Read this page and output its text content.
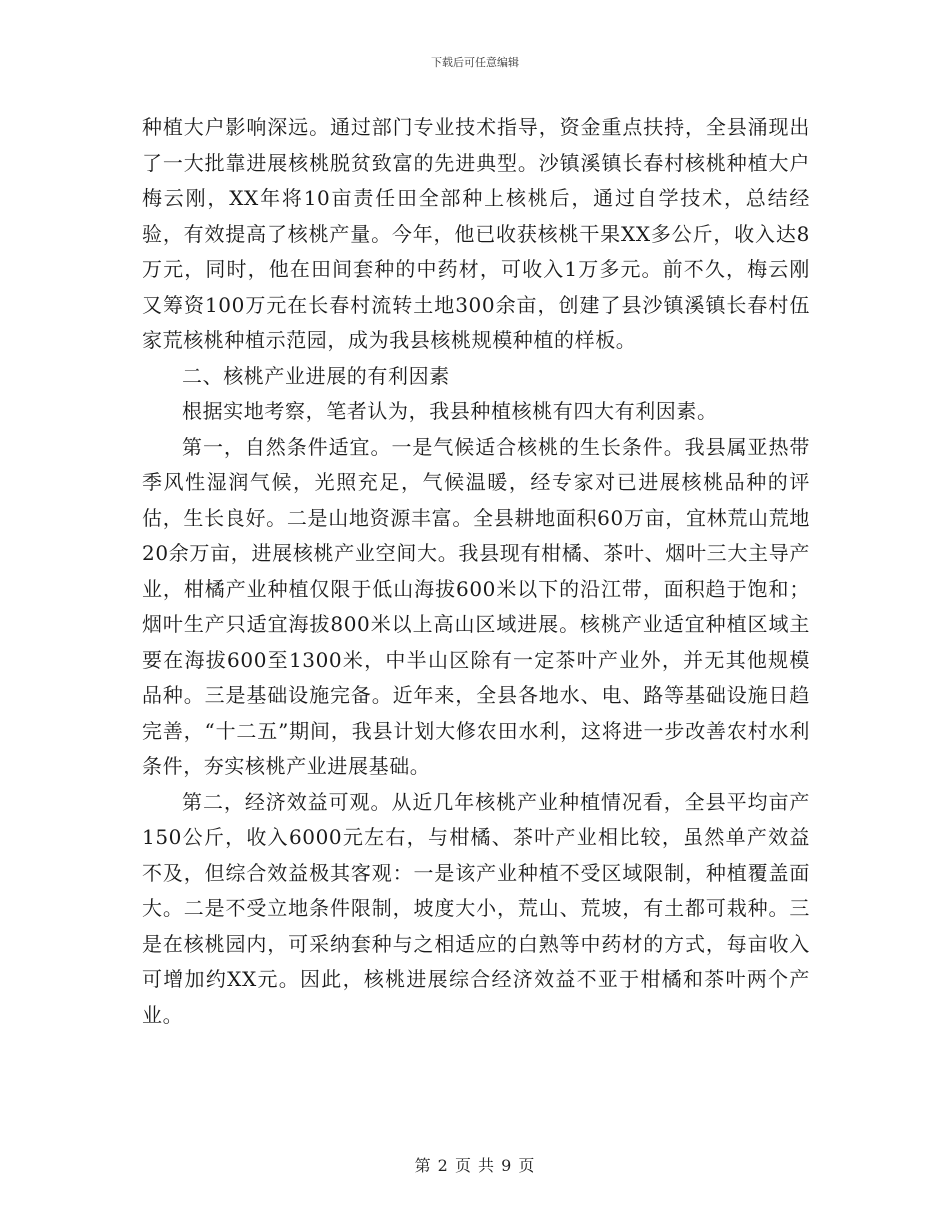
下载后可任意编辑

种植大户影响深远。通过部门专业技术指导，资金重点扶持，全县涌现出了一大批靠进展核桃脱贫致富的先进典型。沙镇溪镇长春村核桃种植大户梅云刚，XX年将10亩责任田全部种上核桃后，通过自学技术，总结经验，有效提高了核桃产量。今年，他已收获核桃干果XX多公斤，收入达8万元，同时，他在田间套种的中药材，可收入1万多元。前不久，梅云刚又筹资100万元在长春村流转土地300余亩，创建了县沙镇溪镇长春村伍家荒核桃种植示范园，成为我县核桃规模种植的样板。

二、核桃产业进展的有利因素

根据实地考察，笔者认为，我县种植核桃有四大有利因素。

第一，自然条件适宜。一是气候适合核桃的生长条件。我县属亚热带季风性湿润气候，光照充足，气候温暖，经专家对已进展核桃品种的评估，生长良好。二是山地资源丰富。全县耕地面积60万亩，宜林荒山荒地20余万亩，进展核桃产业空间大。我县现有柑橘、茶叶、烟叶三大主导产业，柑橘产业种植仅限于低山海拔600米以下的沿江带，面积趋于饱和；烟叶生产只适宜海拔800米以上高山区域进展。核桃产业适宜种植区域主要在海拔600至1300米，中半山区除有一定茶叶产业外，并无其他规模品种。三是基础设施完备。近年来，全县各地水、电、路等基础设施日趋完善，“十二五”期间，我县计划大修农田水利，这将进一步改善农村水利条件，夯实核桃产业进展基础。

第二，经济效益可观。从近几年核桃产业种植情况看，全县平均亩产150公斤，收入6000元左右，与柑橘、茶叶产业相比较，虽然单产效益不及，但综合效益极其客观：一是该产业种植不受区域限制，种植覆盖面大。二是不受立地条件限制，坡度大小，荒山、荒坡，有土都可栽种。三是在核桃园内，可采纳套种与之相适应的白熟等中药材的方式，每亩收入可增加约XX元。因此，核桃进展综合经济效益不亚于柑橘和茶叶两个产业。

第 2 页 共 9 页
